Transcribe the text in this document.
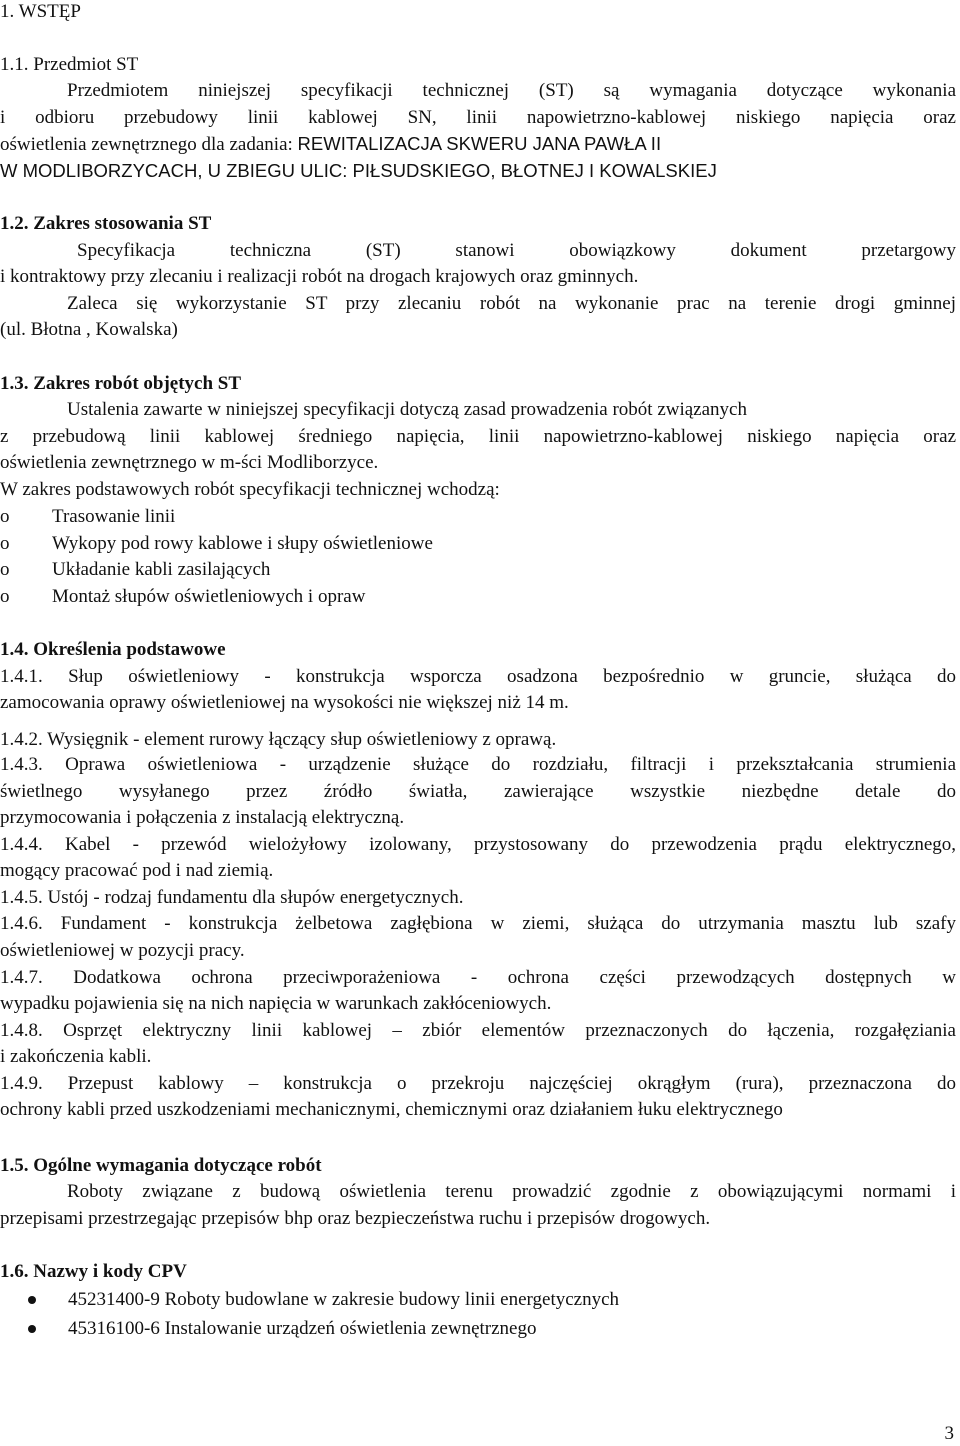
1. WSTĘP
1.1. Przedmiot ST
Przedmiotem niniejszej specyfikacji technicznej (ST) są wymagania dotyczące wykonania
i odbioru przebudowy linii kablowej SN, linii napowietrzno-kablowej niskiego napięcia oraz
oświetlenia zewnętrznego dla zadania: REWITALIZACJA SKWERU JANA PAWŁA II
W MODLIBORZYCACH, U ZBIEGU ULIC: PIŁSUDSKIEGO, BŁOTNEJ I KOWALSKIEJ
1.2. Zakres stosowania ST
Specyfikacja techniczna (ST) stanowi obowiązkowy dokument przetargowy
i kontraktowy przy zlecaniu i realizacji robót na drogach krajowych oraz gminnych.
Zaleca się wykorzystanie ST przy zlecaniu robót na wykonanie prac na terenie drogi gminnej
(ul. Błotna , Kowalska)
1.3. Zakres robót objętych ST
Ustalenia zawarte w niniejszej specyfikacji dotyczą zasad prowadzenia robót związanych
z przebudową linii kablowej średniego napięcia, linii napowietrzno-kablowej niskiego napięcia oraz
oświetlenia zewnętrznego w m-ści Modliborzyce.
W zakres podstawowych robót specyfikacji technicznej wchodzą:
o Trasowanie linii
o Wykopy pod rowy kablowe i słupy oświetleniowe
o Układanie kabli zasilających
o Montaż słupów oświetleniowych i opraw
1.4. Określenia podstawowe
1.4.1. Słup oświetleniowy - konstrukcja wsporcza osadzona bezpośrednio w gruncie, służąca do
zamocowania oprawy oświetleniowej na wysokości nie większej niż 14 m.
1.4.2. Wysięgnik - element rurowy łączący słup oświetleniowy z oprawą.
1.4.3. Oprawa oświetleniowa - urządzenie służące do rozdziału, filtracji i przekształcania strumienia
świetlnego wysyłanego przez źródło światła, zawierające wszystkie niezbędne detale do
przymocowania i połączenia z instalacją elektryczną.
1.4.4. Kabel - przewód wielożyłowy izolowany, przystosowany do przewodzenia prądu elektrycznego,
mogący pracować pod i nad ziemią.
1.4.5. Ustój - rodzaj fundamentu dla słupów energetycznych.
1.4.6. Fundament - konstrukcja żelbetowa zagłębiona w ziemi, służąca do utrzymania masztu lub szafy
oświetleniowej w pozycji pracy.
1.4.7. Dodatkowa ochrona przeciwporażeniowa - ochrona części przewodzących dostępnych w
wypadku pojawienia się na nich napięcia w warunkach zakłóceniowych.
1.4.8. Osprzęt elektryczny linii kablowej – zbiór elementów przeznaczonych do łączenia, rozgałęziania
i zakończenia kabli.
1.4.9. Przepust kablowy – konstrukcja o przekroju najczęściej okrągłym (rura), przeznaczona do
ochrony kabli przed uszkodzeniami mechanicznymi, chemicznymi oraz działaniem łuku elektrycznego
1.5. Ogólne wymagania dotyczące robót
Roboty związane z budową oświetlenia terenu prowadzić zgodnie z obowiązującymi normami i
przepisami przestrzegając przepisów bhp oraz bezpieczeństwa ruchu i przepisów drogowych.
1.6. Nazwy i kody CPV
45231400-9 Roboty budowlane w zakresie budowy linii energetycznych
45316100-6 Instalowanie urządzeń oświetlenia zewnętrznego
3
